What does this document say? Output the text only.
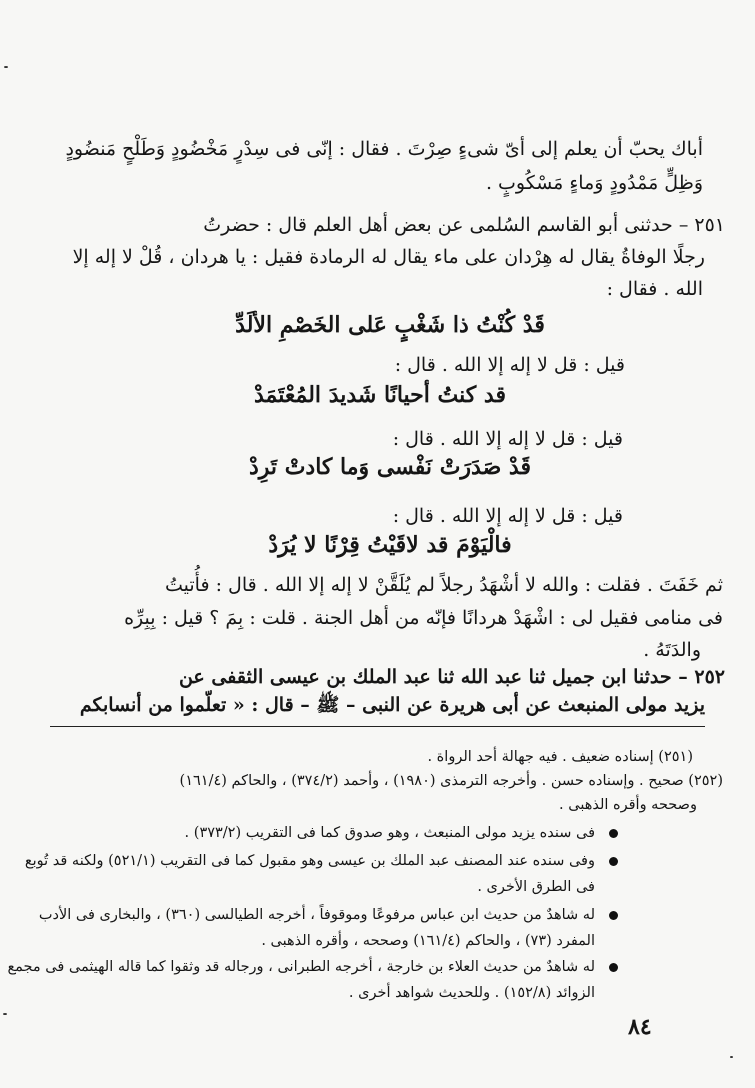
أباك يحبّ أن يعلم إلى أىّ شىءٍ صِرْتَ . فقال : إنّى فى سِدْرٍ مَخْضُودٍ وَطَلْحٍ مَنضُودٍ
وَظِلٍّ مَمْدُودٍ وَماءٍ مَسْكُوبٍ .
٢٥١ – حدثنى أبو القاسم السُلمى عن بعض أهل العلم قال : حضرتُ
رجلًا الوفاةُ يقال له هِرْدان على ماء يقال له الرمادة فقيل : يا هردان ، قُلْ لا إله إلا
الله . فقال :
قَدْ كُنْتُ ذا شَغْبٍ عَلى الخَصْمِ الألَدِّ
قيل : قل لا إله إلا الله . قال :
قد كنتُ أحيانًا شَديدَ المُعْتَمَدْ
قيل : قل لا إله إلا الله . قال :
قَدْ صَدَرَتْ نَفْسى وَما كادتْ تَرِدْ
قيل : قل لا إله إلا الله . قال :
فالْيَوْمَ قد لاقَيْتُ قِرْنًا لا يُرَدْ
ثم خَفَتَ . فقلت : والله لا أشْهَدُ رجلاً لم يُلَقَّنْ لا إله إلا الله . قال : فأُتيتُ
فى منامى فقيل لى : اشْهَدْ هردانًا فإنّه من أهل الجنة . قلت : بِمَ ؟ قيل : بِبِرِّه
والدَتَهُ .
٢٥٢ – حدثنا ابن جميل ثنا عبد الله ثنا عبد الملك بن عيسى الثقفى عن
يزيد مولى المنبعث عن أبى هريرة عن النبى – ﷺ – قال : « تعلّموا من أنسابكم
(٢٥١) إسناده ضعيف . فيه جهالة أحد الرواة .
(٢٥٢) صحيح . وإسناده حسن . وأخرجه الترمذى (١٩٨٠) ، وأحمد (٣٧٤/٢) ، والحاكم (١٦١/٤)
وصححه وأقره الذهبى .
فى سنده يزيد مولى المنبعث ، وهو صدوق كما فى التقريب (٣٧٣/٢) .
وفى سنده عند المصنف عبد الملك بن عيسى وهو مقبول كما فى التقريب (٥٢١/١) ولكنه قد تُوبع
فى الطرق الأخرى .
له شاهدٌ من حديث ابن عباس مرفوعًا وموقوفاً ، أخرجه الطيالسى (٣٦٠) ، والبخارى فى الأدب
المفرد (٧٣) ، والحاكم (١٦١/٤) وصححه ، وأقره الذهبى .
له شاهدٌ من حديث العلاء بن خارجة ، أخرجه الطبرانى ، ورجاله قد وثقوا كما قاله الهيثمى فى مجمع
الزوائد (١٥٢/٨) . وللحديث شواهد أخرى .
٨٤
